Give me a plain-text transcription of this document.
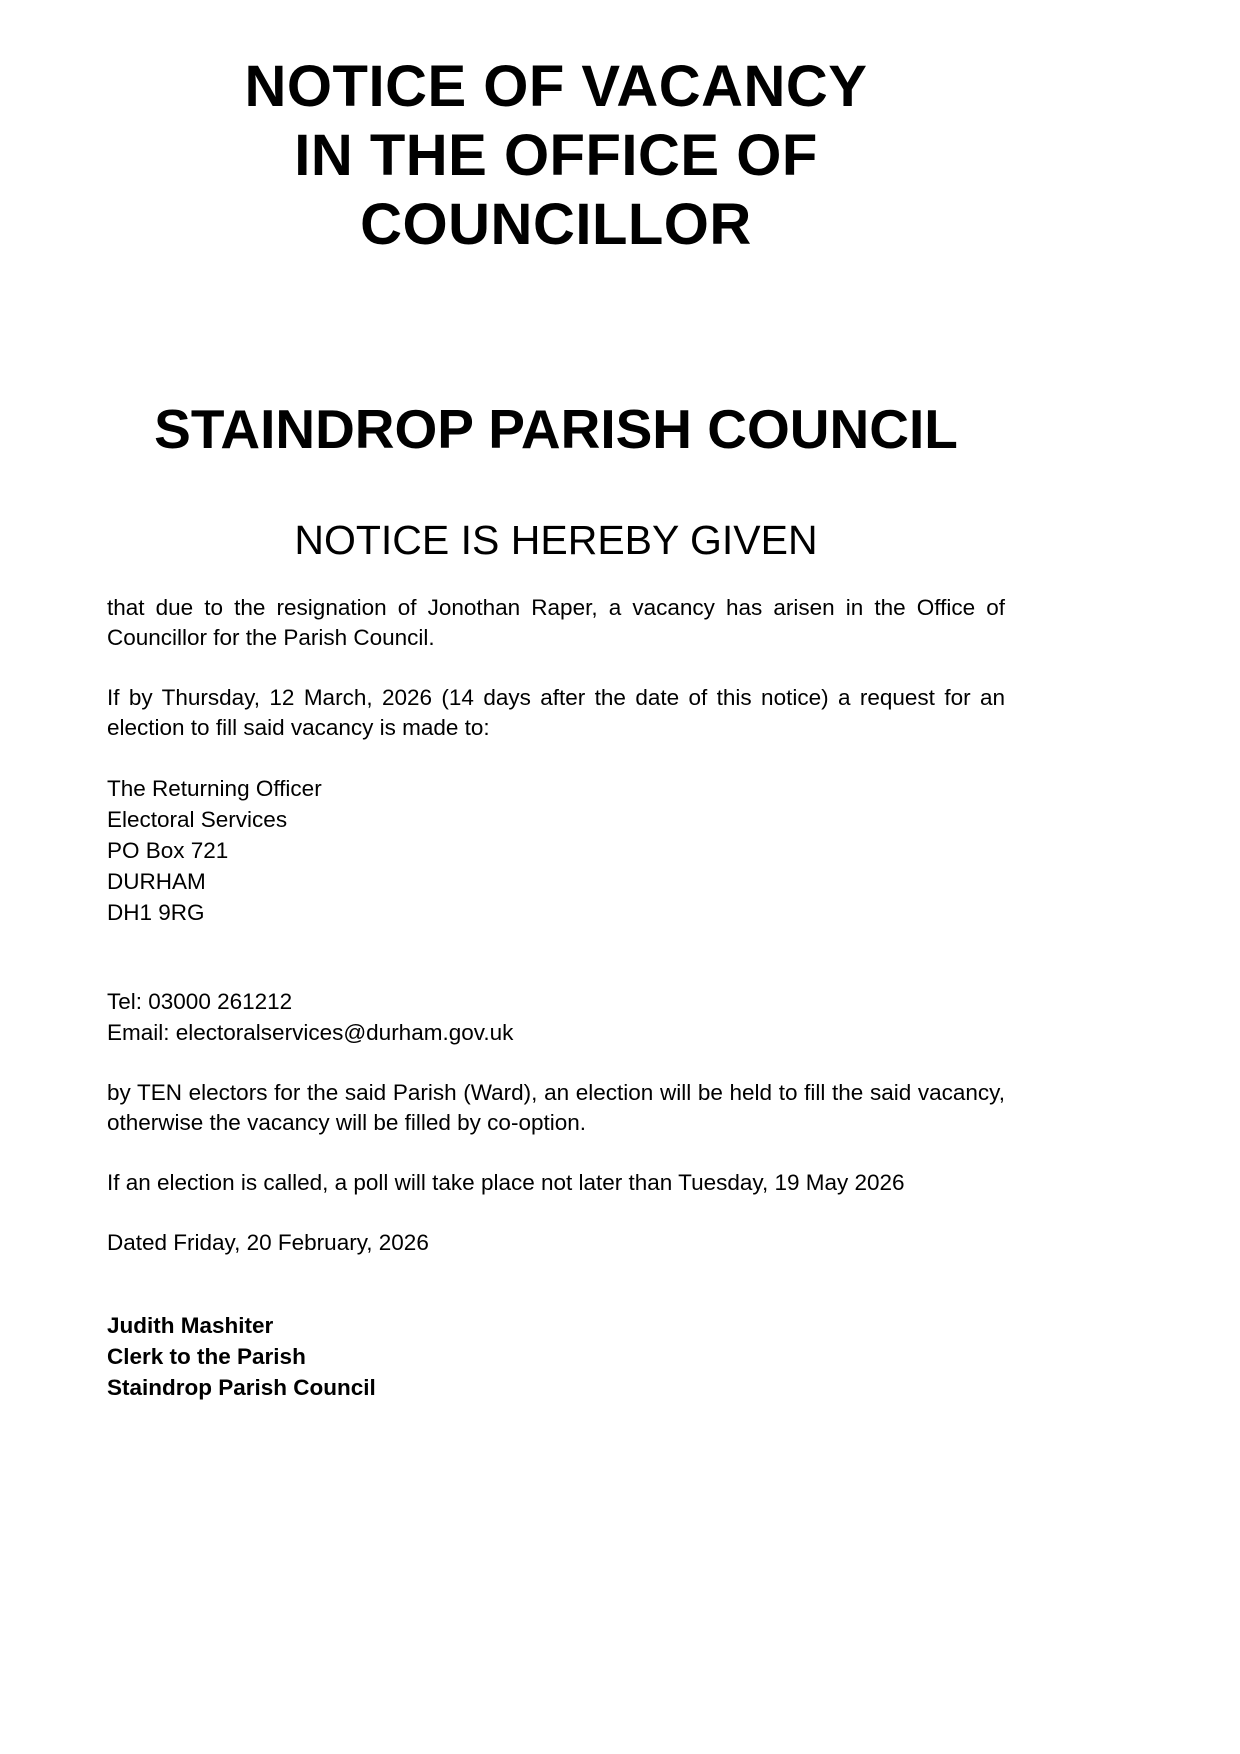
NOTICE OF VACANCY
IN THE OFFICE OF
COUNCILLOR
STAINDROP PARISH COUNCIL
NOTICE IS HEREBY GIVEN

that due to the resignation of Jonothan Raper, a vacancy has arisen in the Office of Councillor for the Parish Council.

If by Thursday, 12 March, 2026 (14 days after the date of this notice) a request for an election to fill said vacancy is made to:

The Returning Officer
Electoral Services
PO Box 721
DURHAM
DH1 9RG
Tel: 03000 261212
Email: electoralservices@durham.gov.uk

by TEN electors for the said Parish (Ward), an election will be held to fill the said vacancy, otherwise the vacancy will be filled by co-option.

If an election is called, a poll will take place not later than Tuesday, 19 May 2026

Dated Friday, 20 February, 2026

Judith Mashiter
Clerk to the Parish
Staindrop Parish Council
